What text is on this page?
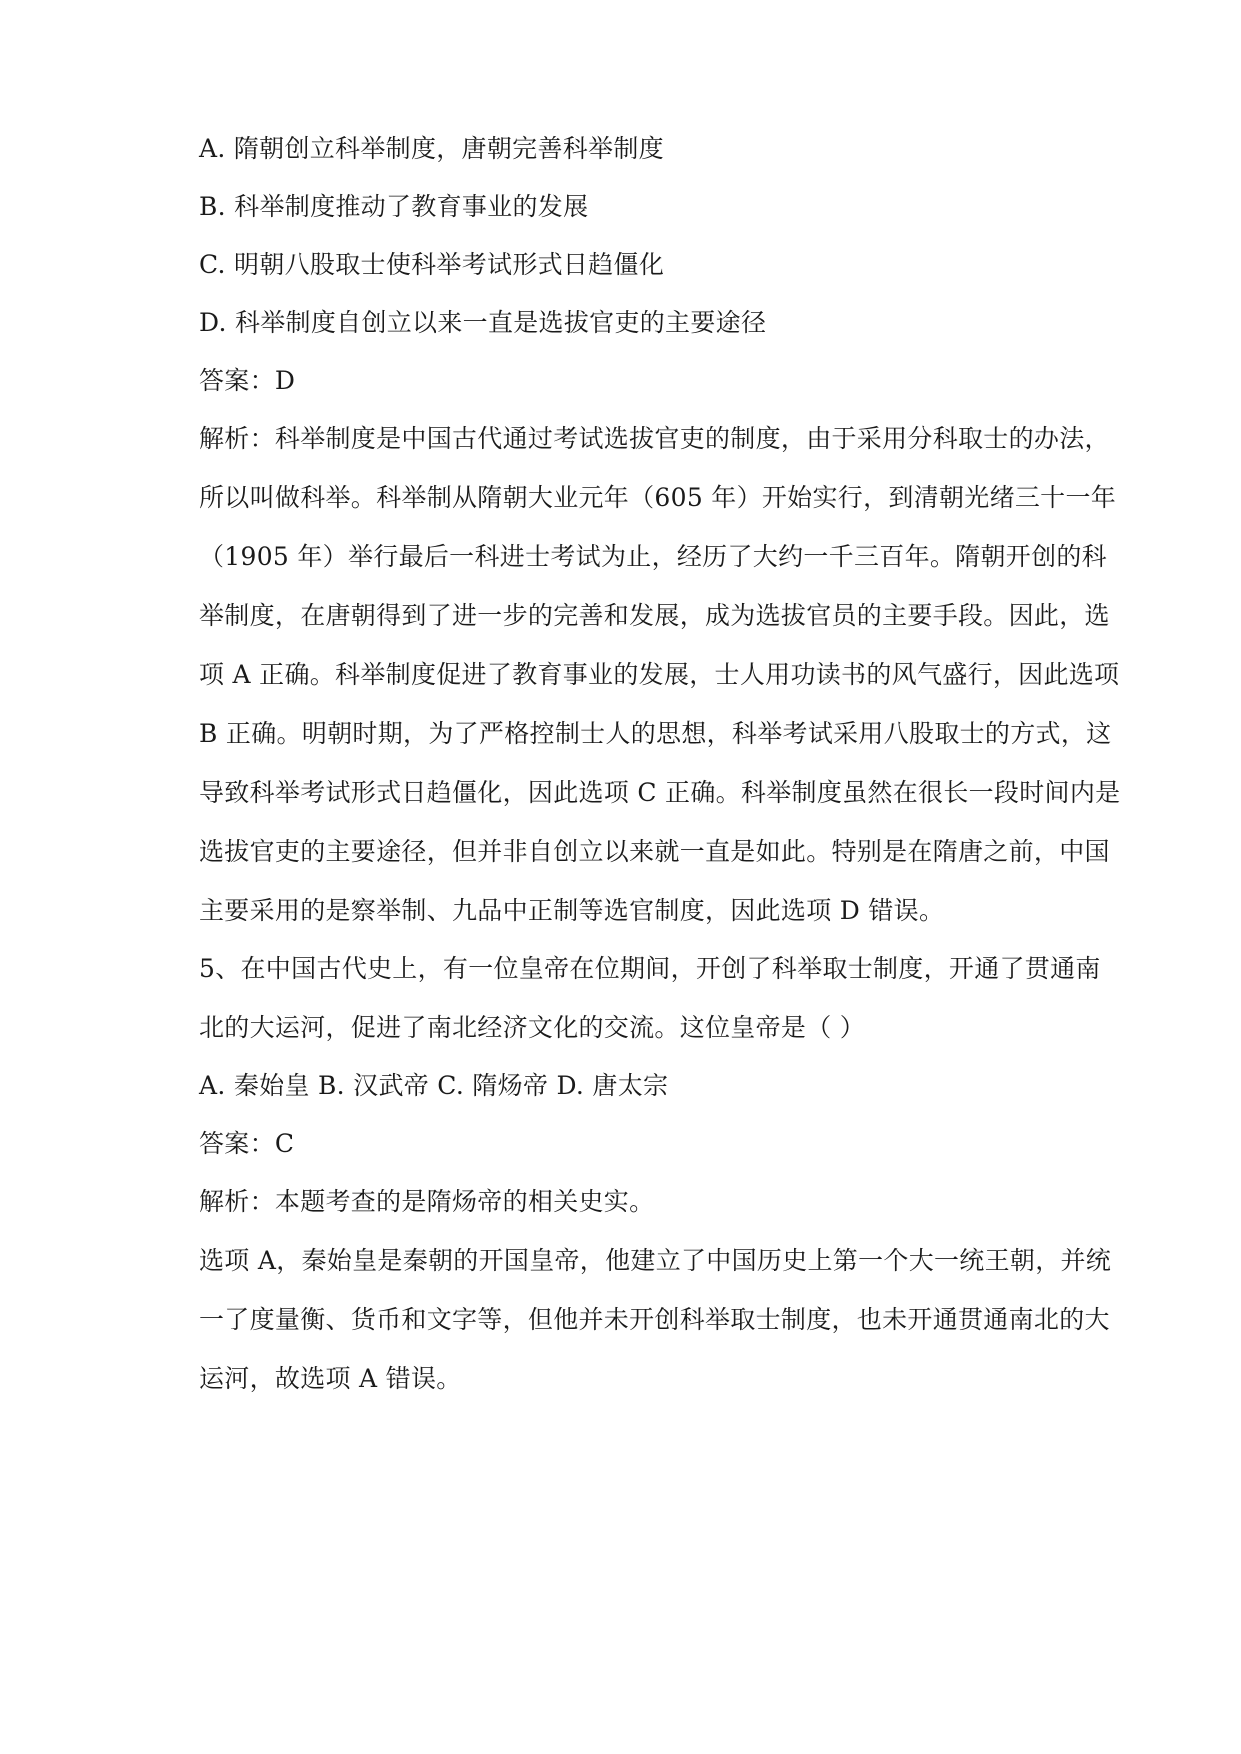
A. 隋朝创立科举制度，唐朝完善科举制度
B. 科举制度推动了教育事业的发展
C. 明朝八股取士使科举考试形式日趋僵化
D. 科举制度自创立以来一直是选拔官吏的主要途径
答案：D
解析：科举制度是中国古代通过考试选拔官吏的制度，由于采用分科取士的办法，
所以叫做科举。科举制从隋朝大业元年（605 年）开始实行，到清朝光绪三十一年
（1905 年）举行最后一科进士考试为止，经历了大约一千三百年。隋朝开创的科
举制度，在唐朝得到了进一步的完善和发展，成为选拔官员的主要手段。因此，选
项 A 正确。科举制度促进了教育事业的发展，士人用功读书的风气盛行，因此选项
B 正确。明朝时期，为了严格控制士人的思想，科举考试采用八股取士的方式，这
导致科举考试形式日趋僵化，因此选项 C 正确。科举制度虽然在很长一段时间内是
选拔官吏的主要途径，但并非自创立以来就一直是如此。特别是在隋唐之前，中国
主要采用的是察举制、九品中正制等选官制度，因此选项 D 错误。
5、在中国古代史上，有一位皇帝在位期间，开创了科举取士制度，开通了贯通南
北的大运河，促进了南北经济文化的交流。这位皇帝是（ ）
A. 秦始皇 B. 汉武帝 C. 隋炀帝 D. 唐太宗
答案：C
解析：本题考查的是隋炀帝的相关史实。
选项 A，秦始皇是秦朝的开国皇帝，他建立了中国历史上第一个大一统王朝，并统
一了度量衡、货币和文字等，但他并未开创科举取士制度，也未开通贯通南北的大
运河，故选项 A 错误。
